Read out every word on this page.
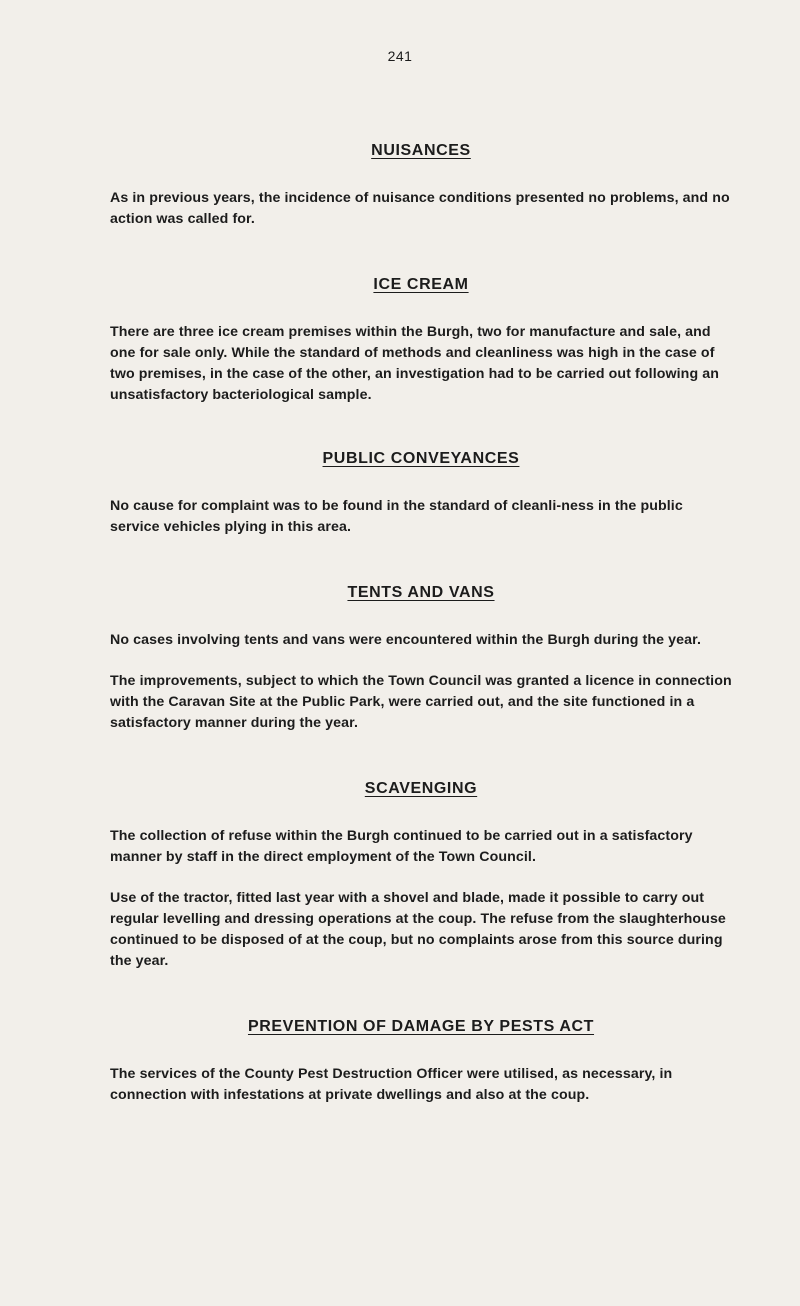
241
NUISANCES

As in previous years, the incidence of nuisance conditions presented no problems, and no action was called for.

ICE CREAM

There are three ice cream premises within the Burgh, two for manufacture and sale, and one for sale only. While the standard of methods and cleanliness was high in the case of two premises, in the case of the other, an investigation had to be carried out following an unsatisfactory bacteriological sample.

PUBLIC CONVEYANCES

No cause for complaint was to be found in the standard of cleanli-ness in the public service vehicles plying in this area.

TENTS AND VANS

No cases involving tents and vans were encountered within the Burgh during the year.

The improvements, subject to which the Town Council was granted a licence in connection with the Caravan Site at the Public Park, were carried out, and the site functioned in a satisfactory manner during the year.

SCAVENGING

The collection of refuse within the Burgh continued to be carried out in a satisfactory manner by staff in the direct employment of the Town Council.

Use of the tractor, fitted last year with a shovel and blade, made it possible to carry out regular levelling and dressing operations at the coup. The refuse from the slaughterhouse continued to be disposed of at the coup, but no complaints arose from this source during the year.

PREVENTION OF DAMAGE BY PESTS ACT

The services of the County Pest Destruction Officer were utilised, as necessary, in connection with infestations at private dwellings and also at the coup.
